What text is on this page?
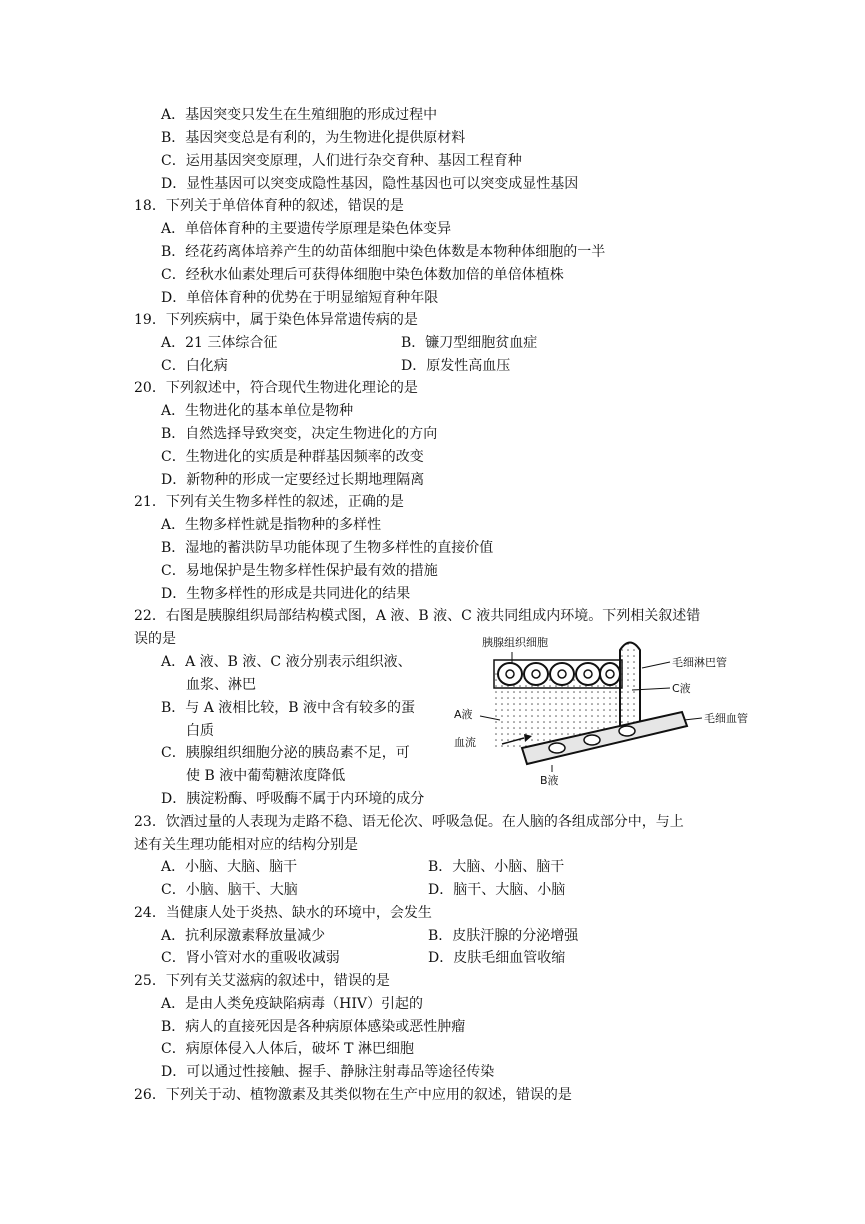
A．基因突变只发生在生殖细胞的形成过程中
B．基因突变总是有利的，为生物进化提供原材料
C．运用基因突变原理，人们进行杂交育种、基因工程育种
D．显性基因可以突变成隐性基因，隐性基因也可以突变成显性基因
18．下列关于单倍体育种的叙述，错误的是
A．单倍体育种的主要遗传学原理是染色体变异
B．经花药离体培养产生的幼苗体细胞中染色体数是本物种体细胞的一半
C．经秋水仙素处理后可获得体细胞中染色体数加倍的单倍体植株
D．单倍体育种的优势在于明显缩短育种年限
19．下列疾病中，属于染色体异常遗传病的是
A．21 三体综合征	B．镰刀型细胞贫血症
C．白化病	D．原发性高血压
20．下列叙述中，符合现代生物进化理论的是
A．生物进化的基本单位是物种
B．自然选择导致突变，决定生物进化的方向
C．生物进化的实质是种群基因频率的改变
D．新物种的形成一定要经过长期地理隔离
21．下列有关生物多样性的叙述，正确的是
A．生物多样性就是指物种的多样性
B．湿地的蓄洪防旱功能体现了生物多样性的直接价值
C．易地保护是生物多样性保护最有效的措施
D．生物多样性的形成是共同进化的结果
22．右图是胰腺组织局部结构模式图，A 液、B 液、C 液共同组成内环境。下列相关叙述错
误的是
A．A 液、B 液、C 液分别表示组织液、
血浆、淋巴
B．与 A 液相比较，B 液中含有较多的蛋
白质
C．胰腺组织细胞分泌的胰岛素不足，可
使 B 液中葡萄糖浓度降低
D．胰淀粉酶、呼吸酶不属于内环境的成分
胰腺组织细胞
毛细淋巴管
C液
A液	毛细血管
血流
B液
23．饮酒过量的人表现为走路不稳、语无伦次、呼吸急促。在人脑的各组成部分中，与上
述有关生理功能相对应的结构分别是
A．小脑、大脑、脑干	B．大脑、小脑、脑干
C．小脑、脑干、大脑	D．脑干、大脑、小脑
24．当健康人处于炎热、缺水的环境中，会发生
A．抗利尿激素释放量减少	B．皮肤汗腺的分泌增强
C．肾小管对水的重吸收减弱	D．皮肤毛细血管收缩
25．下列有关艾滋病的叙述中，错误的是
A．是由人类免疫缺陷病毒（HIV）引起的
B．病人的直接死因是各种病原体感染或恶性肿瘤
C．病原体侵入人体后，破坏 T 淋巴细胞
D．可以通过性接触、握手、静脉注射毒品等途径传染
26．下列关于动、植物激素及其类似物在生产中应用的叙述，错误的是
